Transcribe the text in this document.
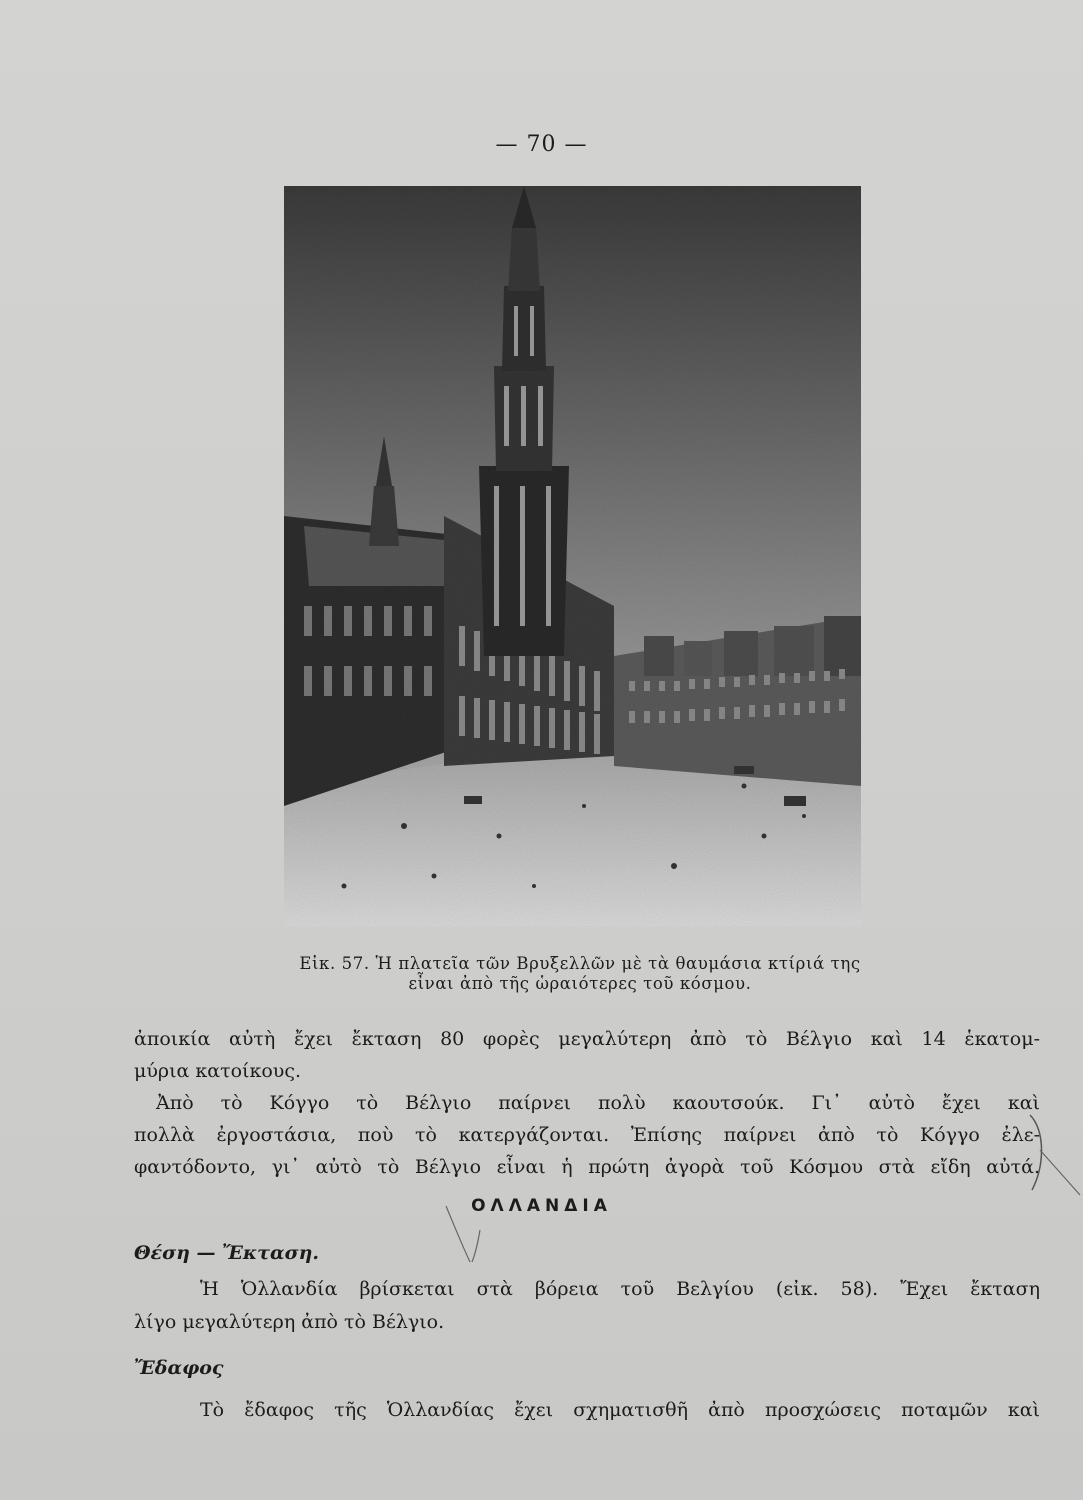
— 70 —
Εἰκ. 57. Ἡ πλατεῖα τῶν Βρυξελλῶν μὲ τὰ θαυμάσια κτίριά της
εἶναι ἀπὸ τῆς ὡραιότερες τοῦ κόσμου.
ἀποικία αὐτὴ ἔχει ἔκταση 80 φορὲς μεγαλύτερη ἀπὸ τὸ Βέλγιο καὶ 14 ἑκατομ-
μύρια κατοίκους.
Ἀπὸ τὸ Κόγγο τὸ Βέλγιο παίρνει πολὺ καουτσούκ. Γι᾽ αὐτὸ ἔχει καὶ
πολλὰ ἐργοστάσια, ποὺ τὸ κατεργάζονται. Ἐπίσης παίρνει ἀπὸ τὸ Κόγγο ἐλε-
φαντόδοντο, γι᾽ αὐτὸ τὸ Βέλγιο εἶναι ἡ πρώτη ἀγορὰ τοῦ Κόσμου στὰ εἴδη αὐτά.
ΟΛΛΑΝΔΙΑ
Θέση — Ἔκταση.
Ἡ Ὁλλανδία βρίσκεται στὰ βόρεια τοῦ Βελγίου (εἰκ. 58). Ἔχει ἔκταση
λίγο μεγαλύτερη ἀπὸ τὸ Βέλγιο.
Ἔδαφος
Τὸ ἔδαφος τῆς Ὁλλανδίας ἔχει σχηματισθῆ ἀπὸ προσχώσεις ποταμῶν καὶ
